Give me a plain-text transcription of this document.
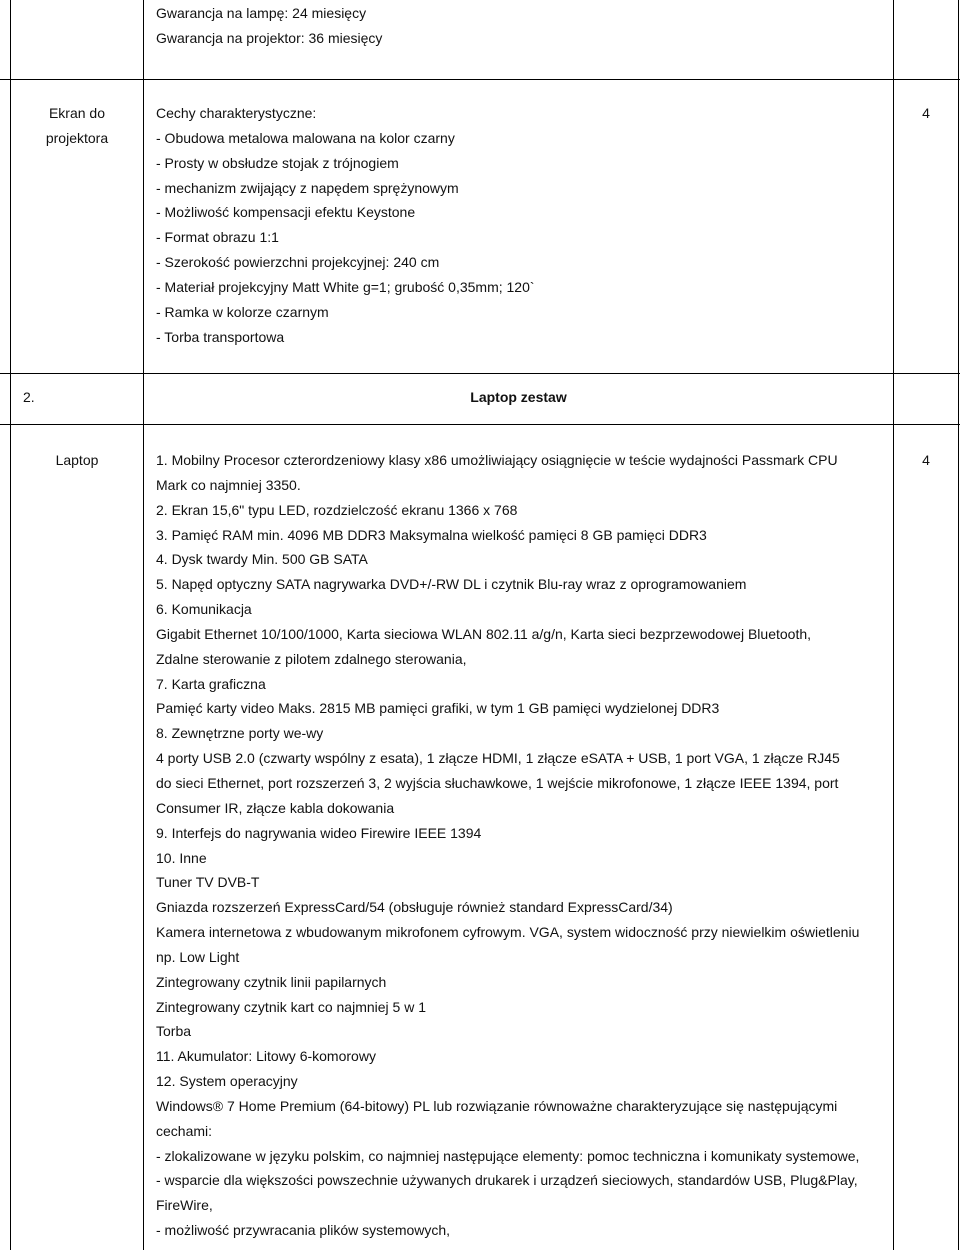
Gwarancja na lampę: 24 miesięcy
Gwarancja na projektor: 36 miesięcy
Ekran do
projektora
Cechy charakterystyczne:
- Obudowa metalowa malowana na kolor czarny
- Prosty w obsłudze stojak z trójnogiem
- mechanizm zwijający z napędem sprężynowym
- Możliwość kompensacji efektu Keystone
- Format obrazu 1:1
- Szerokość powierzchni projekcyjnej: 240 cm
- Materiał projekcyjny Matt White g=1; grubość 0,35mm; 120`
- Ramka w kolorze czarnym
- Torba transportowa
4
2.	Laptop zestaw
Laptop	4
1. Mobilny Procesor czterordzeniowy klasy x86 umożliwiający osiągnięcie w teście wydajności Passmark CPU
Mark co najmniej 3350.
2. Ekran 15,6" typu LED, rozdzielczość ekranu 1366 x 768
3. Pamięć RAM min. 4096 MB DDR3 Maksymalna wielkość pamięci 8 GB pamięci DDR3
4. Dysk twardy Min. 500 GB SATA
5. Napęd optyczny SATA nagrywarka DVD+/-RW DL i czytnik Blu-ray wraz z oprogramowaniem
6. Komunikacja
Gigabit Ethernet 10/100/1000, Karta sieciowa WLAN 802.11 a/g/n, Karta sieci bezprzewodowej Bluetooth,
Zdalne sterowanie z pilotem zdalnego sterowania,
7. Karta graficzna
Pamięć karty video Maks. 2815 MB pamięci grafiki, w tym 1 GB pamięci wydzielonej DDR3
8. Zewnętrzne porty we-wy
4 porty USB 2.0 (czwarty wspólny z esata), 1 złącze HDMI, 1 złącze eSATA + USB, 1 port VGA, 1 złącze RJ45
do sieci Ethernet, port rozszerzeń 3, 2 wyjścia słuchawkowe, 1 wejście mikrofonowe, 1 złącze IEEE 1394, port
Consumer IR, złącze kabla dokowania
9. Interfejs do nagrywania wideo Firewire IEEE 1394
10. Inne
Tuner TV DVB-T
Gniazda rozszerzeń ExpressCard/54 (obsługuje również standard ExpressCard/34)
Kamera internetowa z wbudowanym mikrofonem cyfrowym. VGA, system widoczność przy niewielkim oświetleniu
np. Low Light
Zintegrowany czytnik linii papilarnych
Zintegrowany czytnik kart co najmniej 5 w 1
Torba
11. Akumulator: Litowy 6-komorowy
12. System operacyjny
Windows® 7 Home Premium (64-bitowy) PL lub rozwiązanie równoważne charakteryzujące się następującymi
cechami:
- zlokalizowane w języku polskim, co najmniej następujące elementy: pomoc techniczna i komunikaty systemowe,
- wsparcie dla większości powszechnie używanych drukarek i urządzeń sieciowych, standardów USB, Plug&Play,
FireWire,
- możliwość przywracania plików systemowych,
